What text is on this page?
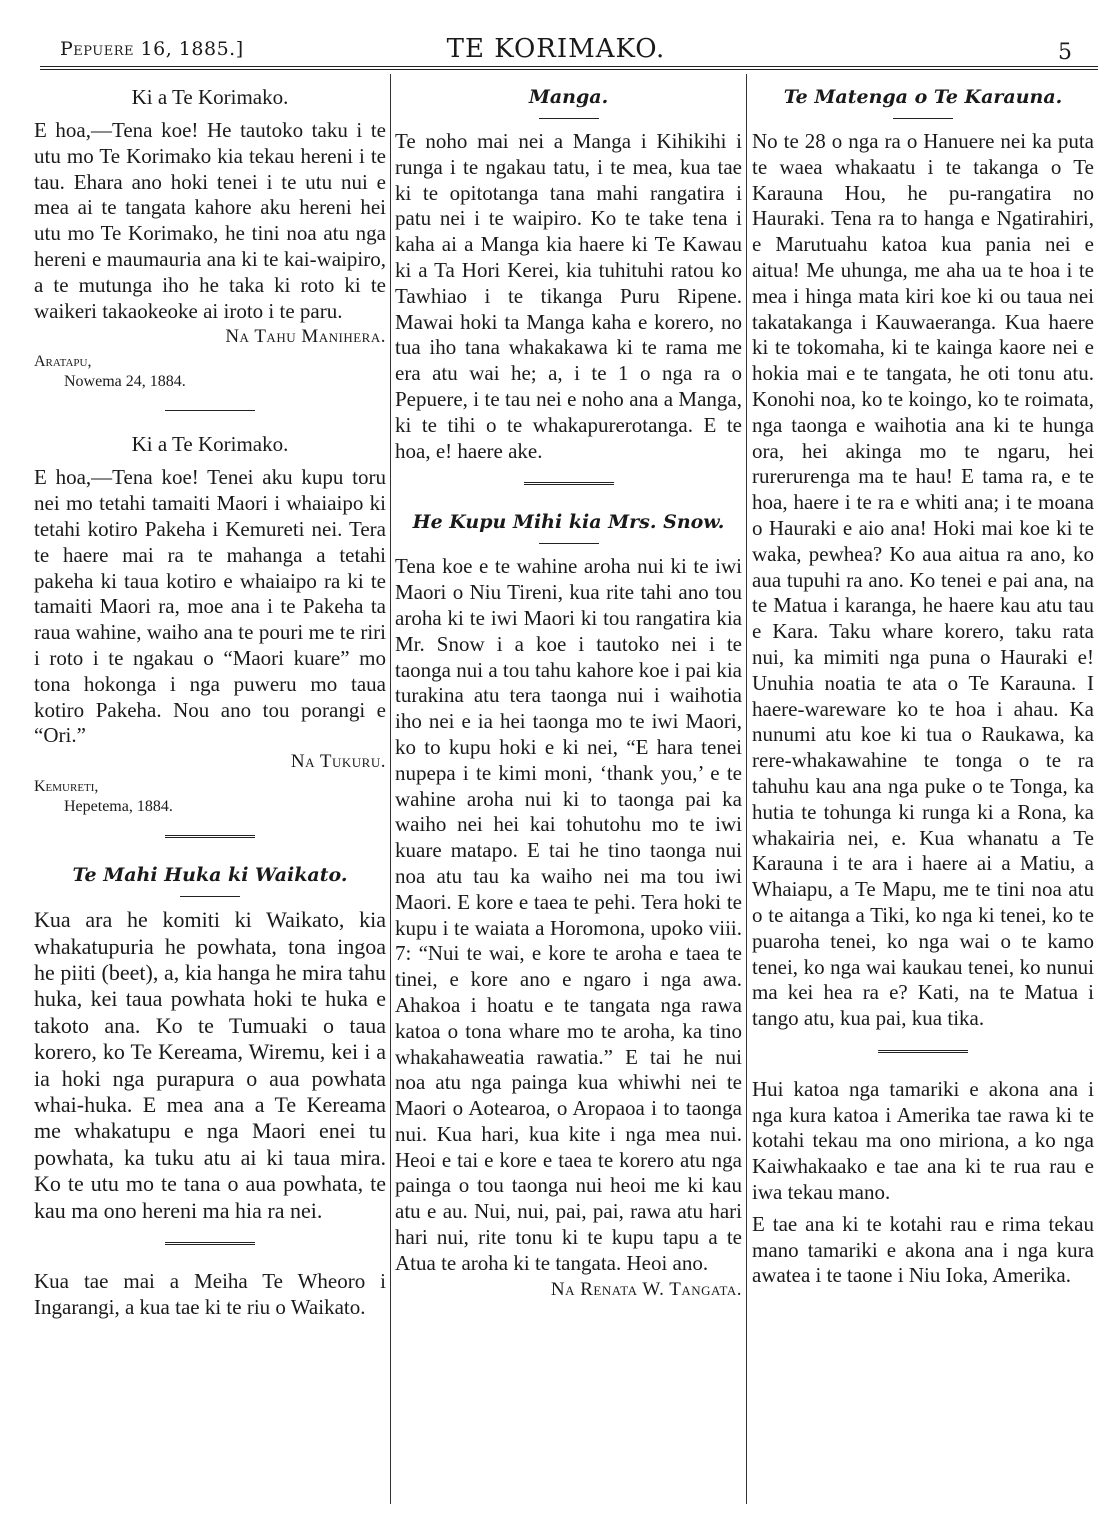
Pepuere 16, 1885.]	TE KORIMAKO.	5
Ki a Te Korimako.

E hoa,—Tena koe! He tautoko taku i te utu mo Te Korimako kia tekau hereni i te tau. Ehara ano hoki tenei i te utu nui e mea ai te tangata kahore aku hereni hei utu mo Te Korimako, he tini noa atu nga hereni e maumauria ana ki te kai-waipiro, a te mutunga iho he taka ki roto ki te waikeri takaokeoke ai iroto i te paru.

Na Tahu Manihera.
Aratapu,
Nowema 24, 1884.
Ki a Te Korimako.

E hoa,—Tena koe! Tenei aku kupu toru nei mo tetahi tamaiti Maori i whaiaipo ki tetahi kotiro Pakeha i Kemureti nei. Tera te haere mai ra te mahanga a tetahi pakeha ki taua kotiro e whaiaipo ra ki te tamaiti Maori ra, moe ana i te Pakeha ta raua wahine, waiho ana te pouri me te riri i roto i te ngakau o “Maori kuare” mo tona hokonga i nga puweru mo taua kotiro Pakeha. Nou ano tou porangi e “Ori.”

Na Tukuru.
Kemureti,
Hepetema, 1884.
Te Mahi Huka ki Waikato.

Kua ara he komiti ki Waikato, kia whakatupuria he powhata, tona ingoa he piiti (beet), a, kia hanga he mira tahu huka, kei taua powhata hoki te huka e takoto ana. Ko te Tumuaki o taua korero, ko Te Kereama, Wiremu, kei i a ia hoki nga purapura o aua powhata whai-huka. E mea ana a Te Kereama me whakatupu e nga Maori enei tu powhata, ka tuku atu ai ki taua mira. Ko te utu mo te tana o aua powhata, te kau ma ono hereni ma hia ra nei.

Kua tae mai a Meiha Te Wheoro i Ingarangi, a kua tae ki te riu o Waikato.

Manga.

Te noho mai nei a Manga i Kihikihi i runga i te ngakau tatu, i te mea, kua tae ki te opitotanga tana mahi rangatira i patu nei i te waipiro. Ko te take tena i kaha ai a Manga kia haere ki Te Kawau ki a Ta Hori Kerei, kia tuhituhi ratou ko Tawhiao i te tikanga Puru Ripene. Mawai hoki ta Manga kaha e korero, no tua iho tana whakakawa ki te rama me era atu wai he; a, i te 1 o nga ra o Pepuere, i te tau nei e noho ana a Manga, ki te tihi o te whakapurerotanga. E te hoa, e! haere ake.

He Kupu Mihi kia Mrs. Snow.

Tena koe e te wahine aroha nui ki te iwi Maori o Niu Tireni, kua rite tahi ano tou aroha ki te iwi Maori ki tou rangatira kia Mr. Snow i a koe i tautoko nei i te taonga nui a tou tahu kahore koe i pai kia turakina atu tera taonga nui i waihotia iho nei e ia hei taonga mo te iwi Maori, ko to kupu hoki e ki nei, “E hara tenei nupepa i te kimi moni, ‘thank you,’ e te wahine aroha nui ki to taonga pai ka waiho nei hei kai tohutohu mo te iwi kuare matapo. E tai he tino taonga nui noa atu tau ka waiho nei ma tou iwi Maori. E kore e taea te pehi. Tera hoki te kupu i te waiata a Horomona, upoko viii. 7: “Nui te wai, e kore te aroha e taea te tinei, e kore ano e ngaro i nga awa. Ahakoa i hoatu e te tangata nga rawa katoa o tona whare mo te aroha, ka tino whakahaweatia rawatia.” E tai he nui noa atu nga painga kua whiwhi nei te Maori o Aotearoa, o Aropaoa i to taonga nui. Kua hari, kua kite i nga mea nui. Heoi e tai e kore e taea te korero atu nga painga o tou taonga nui heoi me ki kau atu e au. Nui, nui, pai, pai, rawa atu hari hari nui, rite tonu ki te kupu tapu a te Atua te aroha ki te tangata. Heoi ano.

Na Renata W. Tangata.
Te Matenga o Te Karauna.

No te 28 o nga ra o Hanuere nei ka puta te waea whakaatu i te takanga o Te Karauna Hou, he pu-rangatira no Hauraki. Tena ra to hanga e Ngatirahiri, e Marutuahu katoa kua pania nei e aitua! Me uhunga, me aha ua te hoa i te mea i hinga mata kiri koe ki ou taua nei takatakanga i Kauwaeranga. Kua haere ki te tokomaha, ki te kainga kaore nei e hokia mai e te tangata, he oti tonu atu. Konohi noa, ko te koingo, ko te roimata, nga taonga e waihotia ana ki te hunga ora, hei akinga mo te ngaru, hei rurerurenga ma te hau! E tama ra, e te hoa, haere i te ra e whiti ana; i te moana o Hauraki e aio ana! Hoki mai koe ki te waka, pewhea? Ko aua aitua ra ano, ko aua tupuhi ra ano. Ko tenei e pai ana, na te Matua i karanga, he haere kau atu tau e Kara. Taku whare korero, taku rata nui, ka mimiti nga puna o Hauraki e! Unuhia noatia te ata o Te Karauna. I haere-wareware ko te hoa i ahau. Ka nunumi atu koe ki tua o Raukawa, ka rere-whakawahine te tonga o te ra tahuhu kau ana nga puke o te Tonga, ka hutia te tohunga ki runga ki a Rona, ka whakairia nei, e. Kua whanatu a Te Karauna i te ara i haere ai a Matiu, a Whaiapu, a Te Mapu, me te tini noa atu o te aitanga a Tiki, ko nga ki tenei, ko te puaroha tenei, ko nga wai o te kamo tenei, ko nga wai kaukau tenei, ko nunui ma kei hea ra e? Kati, na te Matua i tango atu, kua pai, kua tika.

Hui katoa nga tamariki e akona ana i nga kura katoa i Amerika tae rawa ki te kotahi tekau ma ono miriona, a ko nga Kaiwhakaako e tae ana ki te rua rau e iwa tekau mano.

E tae ana ki te kotahi rau e rima tekau mano tamariki e akona ana i nga kura awatea i te taone i Niu Ioka, Amerika.
